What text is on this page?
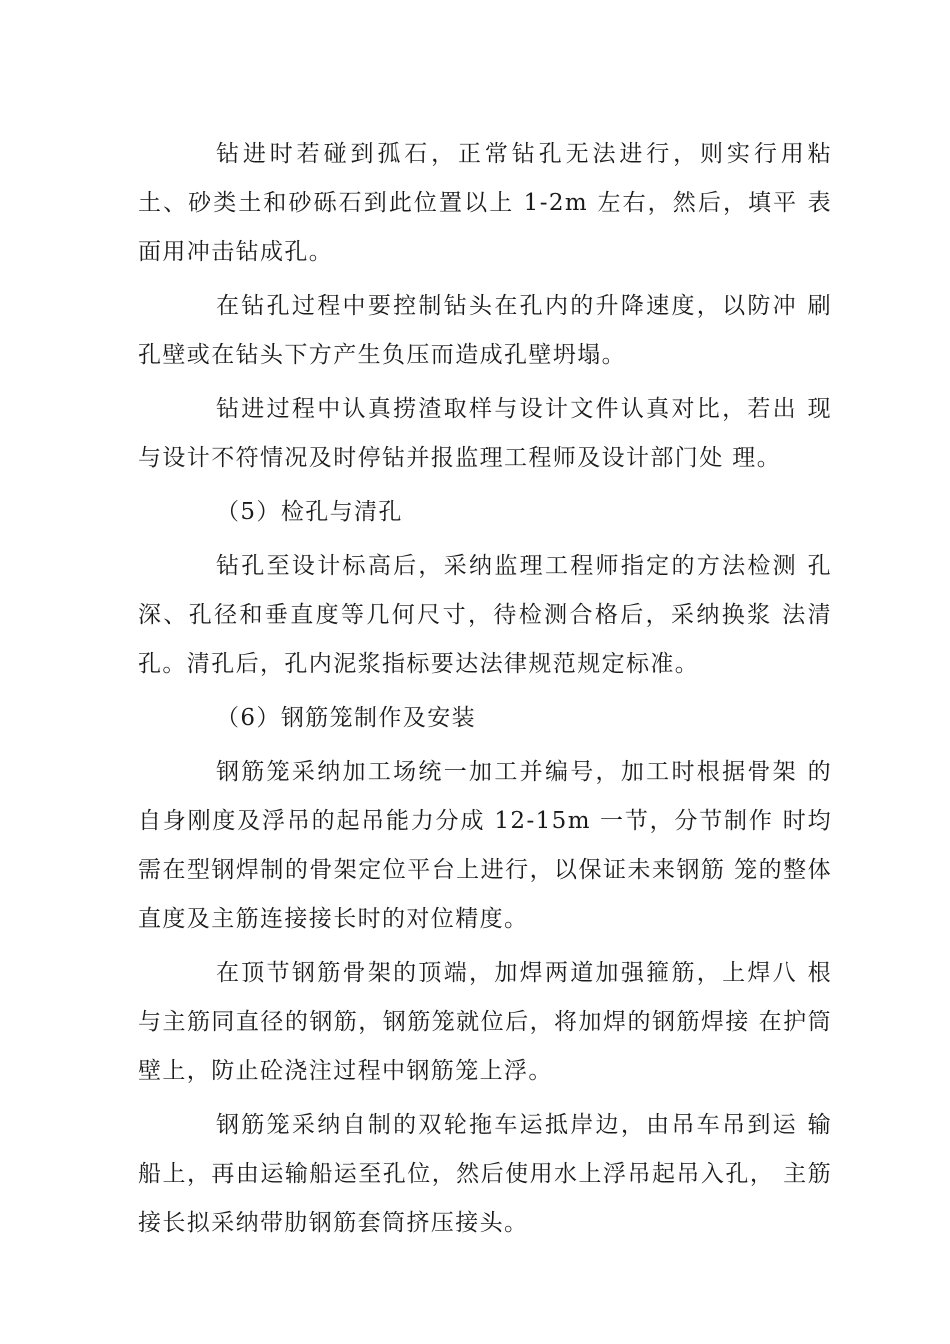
钻进时若碰到孤石，正常钻孔无法进行，则实行用粘 土、砂类土和砂砾石到此位置以上 1-2m 左右，然后，填平 表面用冲击钻成孔。

在钻孔过程中要控制钻头在孔内的升降速度，以防冲 刷孔壁或在钻头下方产生负压而造成孔壁坍塌。

钻进过程中认真捞渣取样与设计文件认真对比，若出 现与设计不符情况及时停钻并报监理工程师及设计部门处 理。

（5）检孔与清孔

钻孔至设计标高后，采纳监理工程师指定的方法检测 孔深、孔径和垂直度等几何尺寸，待检测合格后，采纳换浆 法清孔。清孔后，孔内泥浆指标要达法律规范规定标准。

（6）钢筋笼制作及安装

钢筋笼采纳加工场统一加工并编号，加工时根据骨架 的自身刚度及浮吊的起吊能力分成 12-15m 一节，分节制作 时均需在型钢焊制的骨架定位平台上进行，以保证未来钢筋 笼的整体直度及主筋连接接长时的对位精度。

在顶节钢筋骨架的顶端，加焊两道加强箍筋，上焊八 根与主筋同直径的钢筋，钢筋笼就位后，将加焊的钢筋焊接 在护筒壁上，防止砼浇注过程中钢筋笼上浮。

钢筋笼采纳自制的双轮拖车运抵岸边，由吊车吊到运 输船上，再由运输船运至孔位，然后使用水上浮吊起吊入孔， 主筋接长拟采纳带肋钢筋套筒挤压接头。
